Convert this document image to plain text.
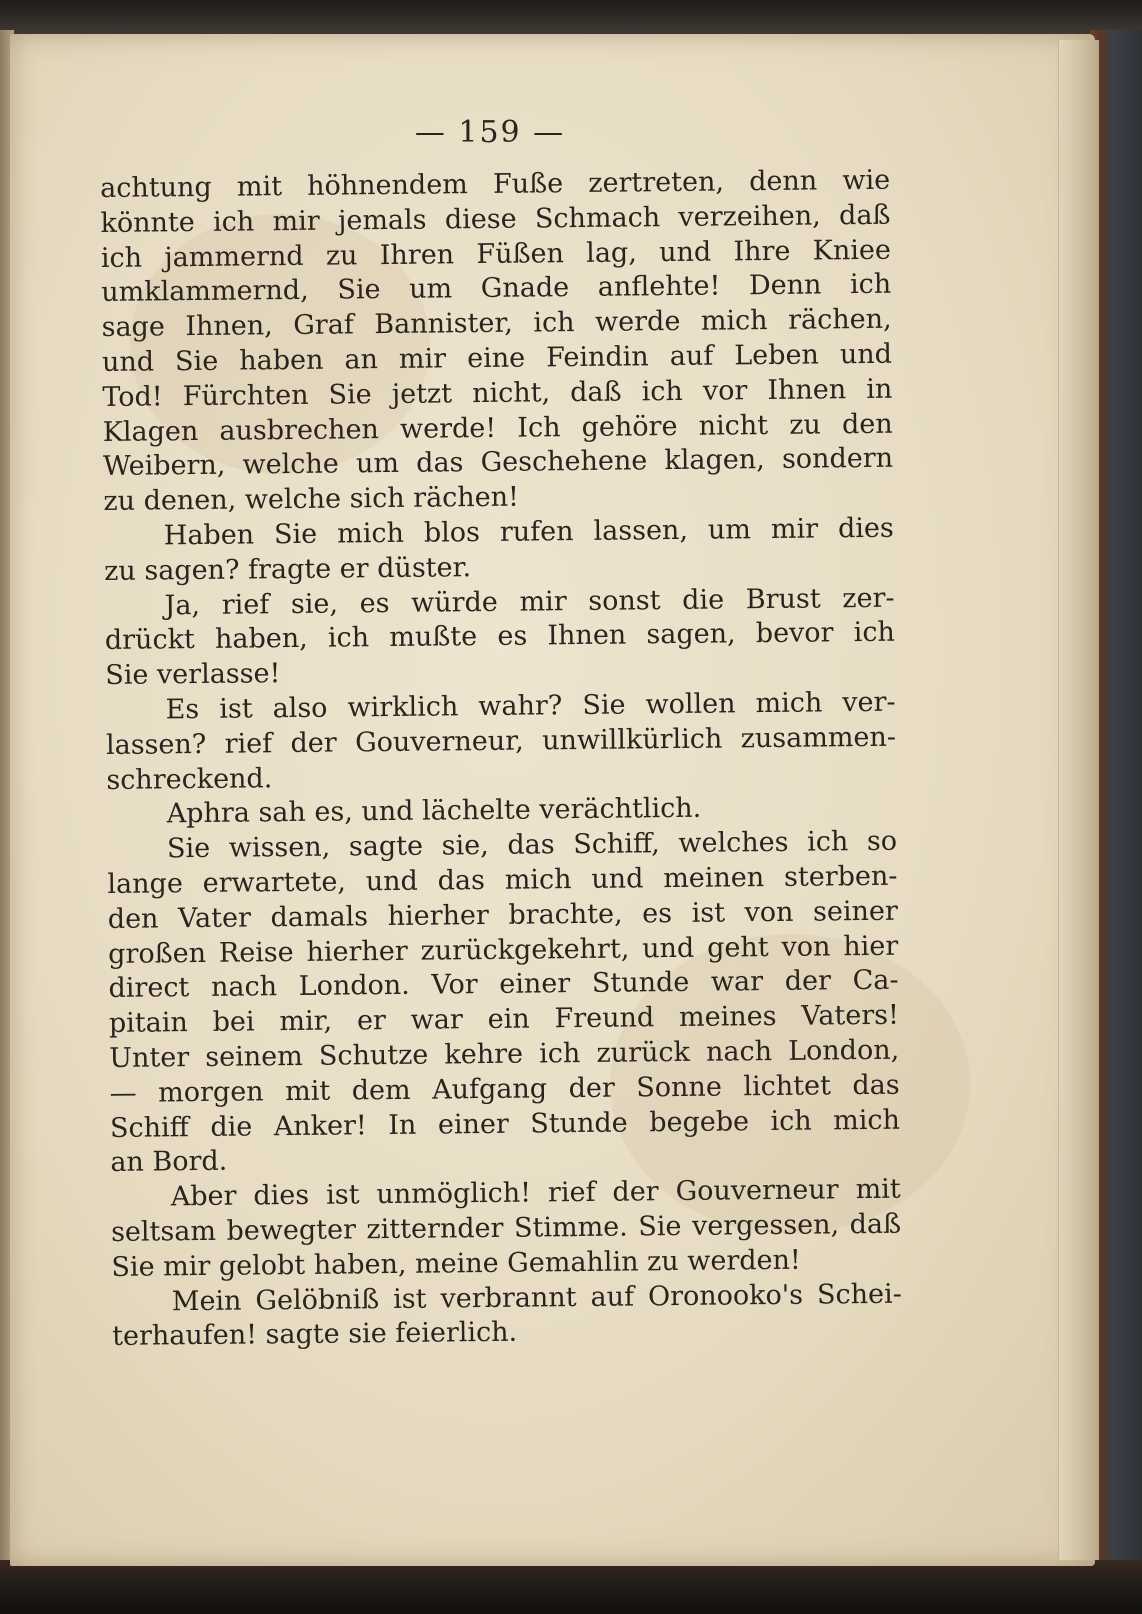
— 159 —
achtung mit höhnendem Fuße zertreten, denn wie
könnte ich mir jemals diese Schmach verzeihen, daß
ich jammernd zu Ihren Füßen lag, und Ihre Kniee
umklammernd, Sie um Gnade anflehte! Denn ich
sage Ihnen, Graf Bannister, ich werde mich rächen,
und Sie haben an mir eine Feindin auf Leben und
Tod! Fürchten Sie jetzt nicht, daß ich vor Ihnen in
Klagen ausbrechen werde! Ich gehöre nicht zu den
Weibern, welche um das Geschehene klagen, sondern
zu denen, welche sich rächen!
Haben Sie mich blos rufen lassen, um mir dies
zu sagen? fragte er düster.
Ja, rief sie, es würde mir sonst die Brust zer-
drückt haben, ich mußte es Ihnen sagen, bevor ich
Sie verlasse!
Es ist also wirklich wahr? Sie wollen mich ver-
lassen? rief der Gouverneur, unwillkürlich zusammen-
schreckend.
Aphra sah es, und lächelte verächtlich.
Sie wissen, sagte sie, das Schiff, welches ich so
lange erwartete, und das mich und meinen sterben-
den Vater damals hierher brachte, es ist von seiner
großen Reise hierher zurückgekehrt, und geht von hier
direct nach London. Vor einer Stunde war der Ca-
pitain bei mir, er war ein Freund meines Vaters!
Unter seinem Schutze kehre ich zurück nach London,
— morgen mit dem Aufgang der Sonne lichtet das
Schiff die Anker! In einer Stunde begebe ich mich
an Bord.
Aber dies ist unmöglich! rief der Gouverneur mit
seltsam bewegter zitternder Stimme. Sie vergessen, daß
Sie mir gelobt haben, meine Gemahlin zu werden!
Mein Gelöbniß ist verbrannt auf Oronooko's Schei-
terhaufen! sagte sie feierlich.
